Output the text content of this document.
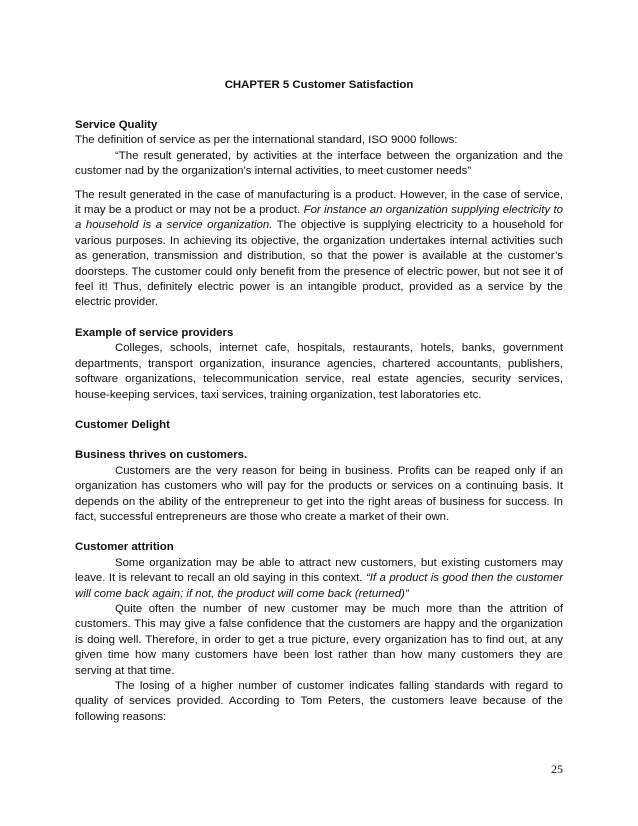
CHAPTER 5 Customer Satisfaction

Service Quality

The definition of service as per the international standard, ISO 9000 follows:

“The result generated, by activities at the interface between the organization and the customer nad by the organization’s internal activities, to meet customer needs”

The result generated in the case of manufacturing is a product. However, in the case of service, it may be a product or may not be a product. For instance an organization supplying electricity to a household is a service organization. The objective is supplying electricity to a household for various purposes. In achieving its objective, the organization undertakes internal activities such as generation, transmission and distribution, so that the power is available at the customer’s doorsteps. The customer could only benefit from the presence of electric power, but not see it of feel it! Thus, definitely electric power is an intangible product, provided as a service by the electric provider.

Example of service providers

Colleges, schools, internet cafe, hospitals, restaurants, hotels, banks, government departments, transport organization, insurance agencies, chartered accountants, publishers, software organizations, telecommunication service, real estate agencies, security services, house-keeping services, taxi services, training organization, test laboratories etc.

Customer Delight

Business thrives on customers.

Customers are the very reason for being in business. Profits can be reaped only if an organization has customers who will pay for the products or services on a continuing basis. It depends on the ability of the entrepreneur to get into the right areas of business for success. In fact, successful entrepreneurs are those who create a market of their own.

Customer attrition

Some organization may be able to attract new customers, but existing customers may leave. It is relevant to recall an old saying in this context. “If a product is good then the customer will come back again; if not, the product will come back (returned)”

Quite often the number of new customer may be much more than the attrition of customers. This may give a false confidence that the customers are happy and the organization is doing well. Therefore, in order to get a true picture, every organization has to find out, at any given time how many customers have been lost rather than how many customers they are serving at that time.

The losing of a higher number of customer indicates falling standards with regard to quality of services provided. According to Tom Peters, the customers leave because of the following reasons:

25
